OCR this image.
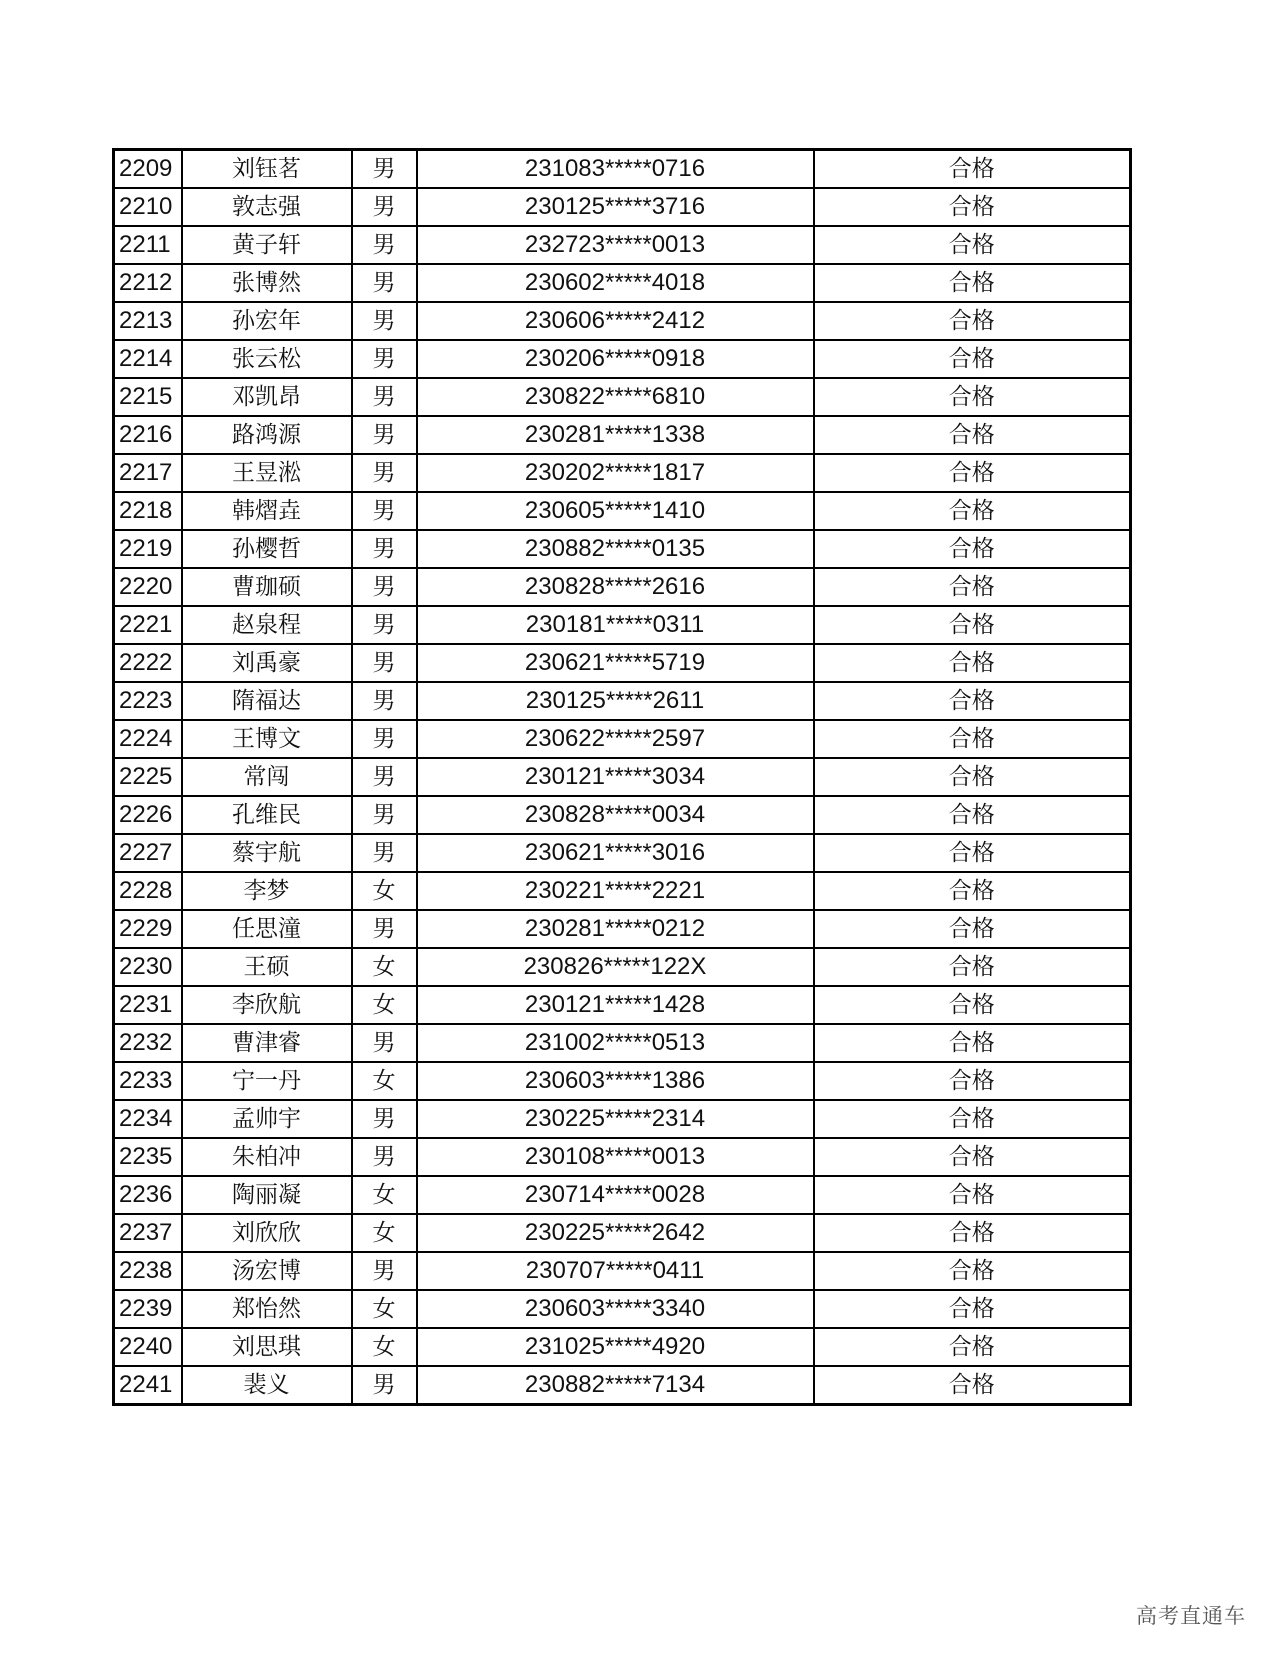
2209	刘钰茗	男	231083*****0716	合格
2210	敦志强	男	230125*****3716	合格
2211	黄子轩	男	232723*****0013	合格
2212	张博然	男	230602*****4018	合格
2213	孙宏年	男	230606*****2412	合格
2214	张云松	男	230206*****0918	合格
2215	邓凯昂	男	230822*****6810	合格
2216	路鸿源	男	230281*****1338	合格
2217	王昱淞	男	230202*****1817	合格
2218	韩熠垚	男	230605*****1410	合格
2219	孙樱哲	男	230882*****0135	合格
2220	曹珈硕	男	230828*****2616	合格
2221	赵泉程	男	230181*****0311	合格
2222	刘禹豪	男	230621*****5719	合格
2223	隋福达	男	230125*****2611	合格
2224	王博文	男	230622*****2597	合格
2225	常闯	男	230121*****3034	合格
2226	孔维民	男	230828*****0034	合格
2227	蔡宇航	男	230621*****3016	合格
2228	李梦	女	230221*****2221	合格
2229	任思潼	男	230281*****0212	合格
2230	王硕	女	230826*****122X	合格
2231	李欣航	女	230121*****1428	合格
2232	曹津睿	男	231002*****0513	合格
2233	宁一丹	女	230603*****1386	合格
2234	孟帅宇	男	230225*****2314	合格
2235	朱柏冲	男	230108*****0013	合格
2236	陶丽凝	女	230714*****0028	合格
2237	刘欣欣	女	230225*****2642	合格
2238	汤宏博	男	230707*****0411	合格
2239	郑怡然	女	230603*****3340	合格
2240	刘思琪	女	231025*****4920	合格
2241	裴义	男	230882*****7134	合格
高考直通车
